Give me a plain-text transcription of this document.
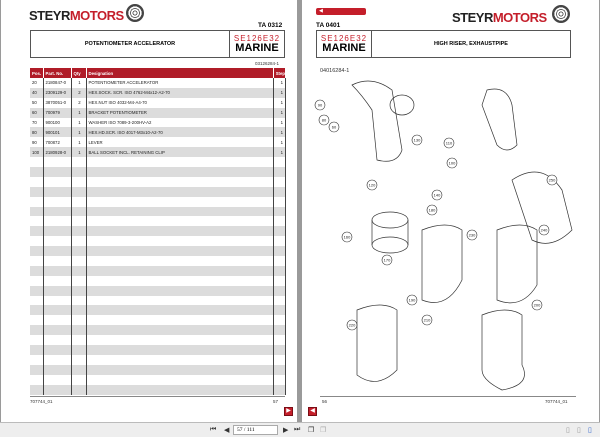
STEYRMOTORS
TA 0312
POTENTIOMETER ACCELERATOR
SE126E32
MARINE
03126284-1
Pos.	Part. No.	Qty	Designation	Step
20	2180847-0	1	POTENTIOMETER ACCELERATOR	1
40	2309129-0	2	HEX.SOCK. SCR. ISO 4762-M4x12-A2-70	1
50	3870051-0	2	HEX.NUT ISO 4032-M4-A4-70	1
60	700979	1	BRACKET POTENTIOMETER	1
70	900100	1	WASHER ISO 7089-3-200HV-A2	1
80	900101	1	HEX.HD.SCR. ISO 4017-M3x10-A2-70	1
90	700872	1	LEVER	1
100	2180928-0	1	BALL SOCKET INCL. RETAINING CLIP	1

707744_01	57
▶
◀
TA 0401
STEYRMOTORS
SE126E32
MARINE	HIGH RISER, EXHAUSTPIPE
04016284-1
90
80
60
130
110
100
120
140
180
160
170
250
240
230
220
210
190
200
56	707744_01
◀
⏮ ◀	57 / 111	▶ ⏭ ❐ ❐	▯ ▯ ▯
